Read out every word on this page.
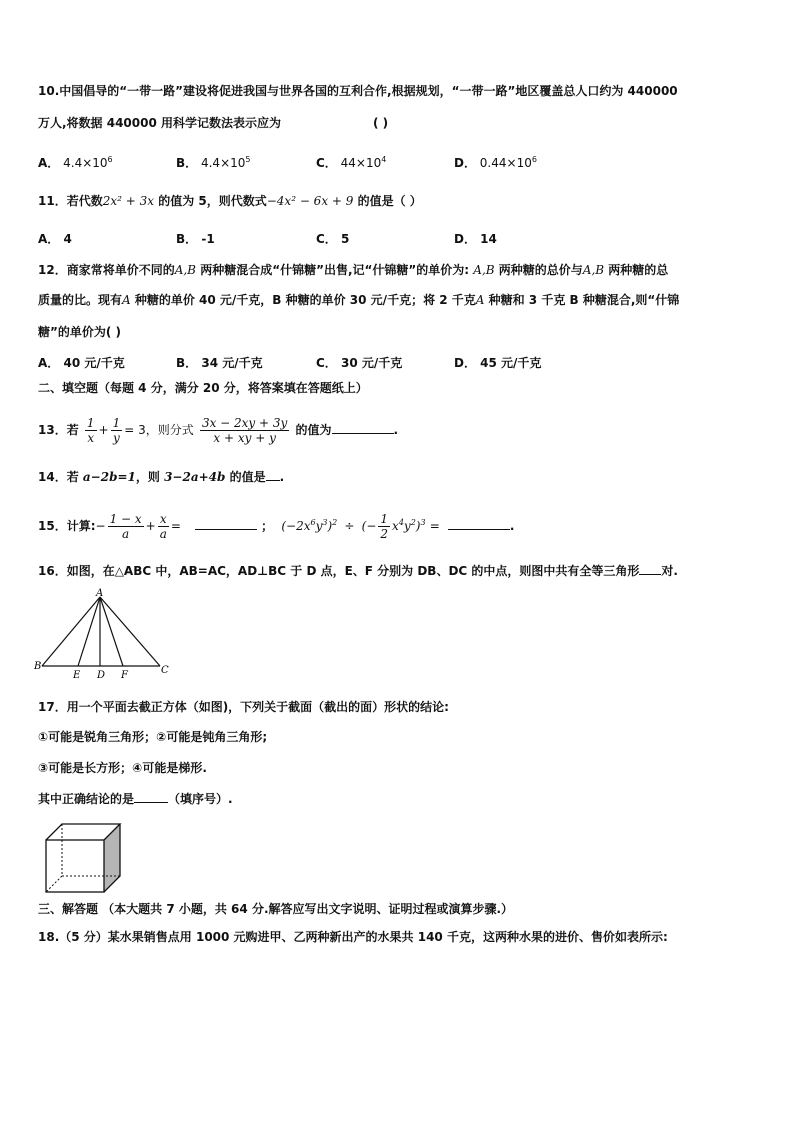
10.中国倡导的“一带一路”建设将促进我国与世界各国的互利合作,根据规划，“一带一路”地区覆盖总人口约为 440000
万人,将数据 440000 用科学记数法表示应为	( )
A． $4.4\times 10^6$	B． $4.4\times 10^5$	C． $44\times 10^4$	D． $0.44\times 10^6$
11．若代数2x² + 3x 的值为 5，则代数式−4x² − 6x + 9 的值是（ ）
A． 4	B． -1	C． 5	D． 14
12．商家常将单价不同的A,B 两种糖混合成“什锦糖”出售,记“什锦糖”的单价为: A,B 两种糖的总价与A,B 两种糖的总
质量的比。现有A 种糖的单价 40 元/千克，B 种糖的单价 30 元/千克；将 2 千克A 种糖和 3 千克 B 种糖混合,则“什锦
糖”的单价为( )
A． 40 元/千克	B． 34 元/千克	C． 30 元/千克	D． 45 元/千克
二、填空题（每题 4 分，满分 20 分，将答案填在答题纸上）
13．若 $\frac{1}{x} + \frac{1}{y} = 3$，则分式 $\frac{3x - 2xy + 3y}{x + xy + y}$ 的值为	.
14．若 a−2b=1，则 3−2a+4b 的值是 .
15．计算:− $\frac{1 - x}{a} + \frac{x}{a}$ =	； $(-2x^6y^3)^2$ ÷ (− $\frac{1}{2} x^4y^2)^3$ =	.
16．如图，在△ABC 中，AB=AC，AD⊥BC 于 D 点，E、F 分别为 DB、DC 的中点，则图中共有全等三角形 对.
A
B	C
D
E	F
17．用一个平面去截正方体（如图)，下列关于截面（截出的面）形状的结论:
①可能是锐角三角形；②可能是钝角三角形;
③可能是长方形；④可能是梯形.
其中正确结论的是	（填序号）.
三、解答题 （本大题共 7 小题，共 64 分.解答应写出文字说明、证明过程或演算步骤.）
18.（5 分）某水果销售点用 1000 元购进甲、乙两种新出产的水果共 140 千克，这两种水果的进价、售价如表所示:
